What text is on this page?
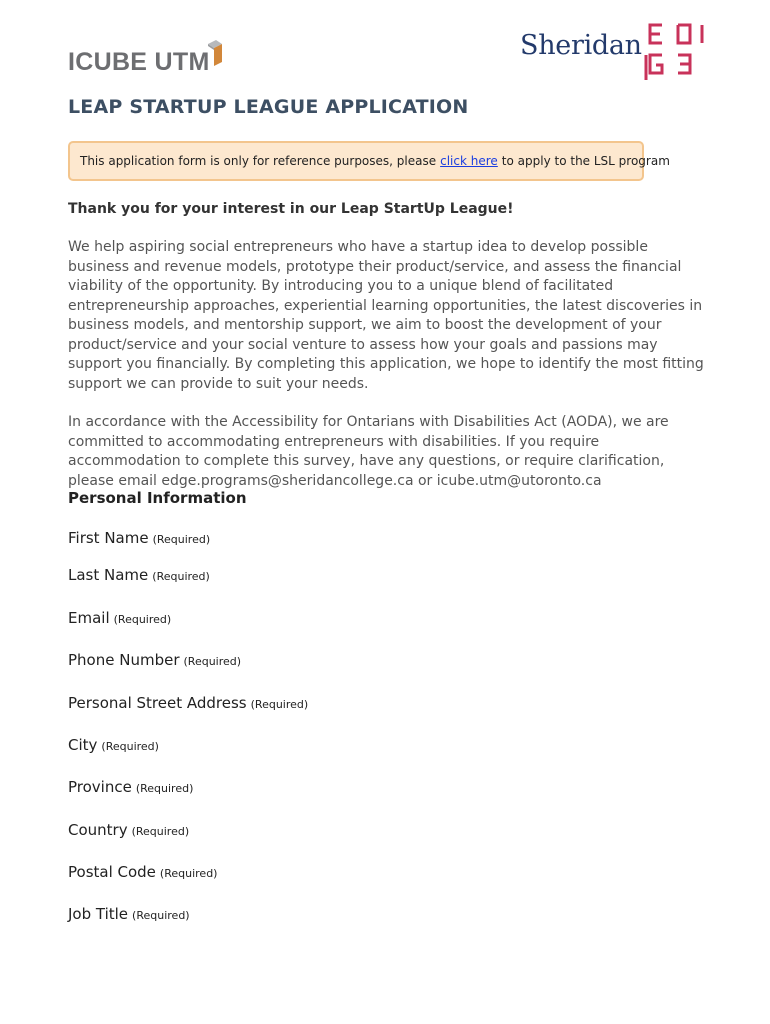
ICUBE UTM
Sheridan
LEAP STARTUP LEAGUE APPLICATION
This application form is only for reference purposes, please click here to apply to the LSL program

Thank you for your interest in our Leap StartUp League!

We help aspiring social entrepreneurs who have a startup idea to develop possible business and revenue models, prototype their product/service, and assess the financial viability of the opportunity. By introducing you to a unique blend of facilitated entrepreneurship approaches, experiential learning opportunities, the latest discoveries in business models, and mentorship support, we aim to boost the development of your product/service and your social venture to assess how your goals and passions may support you financially. By completing this application, we hope to identify the most fitting support we can provide to suit your needs.

In accordance with the Accessibility for Ontarians with Disabilities Act (AODA), we are committed to accommodating entrepreneurs with disabilities. If you require accommodation to complete this survey, have any questions, or require clarification, please email edge.programs@sheridancollege.ca or icube.utm@utoronto.ca

Personal Information

First Name (Required)
Last Name (Required)
Email (Required)
Phone Number (Required)
Personal Street Address (Required)
City (Required)
Province (Required)
Country (Required)
Postal Code (Required)
Job Title (Required)
